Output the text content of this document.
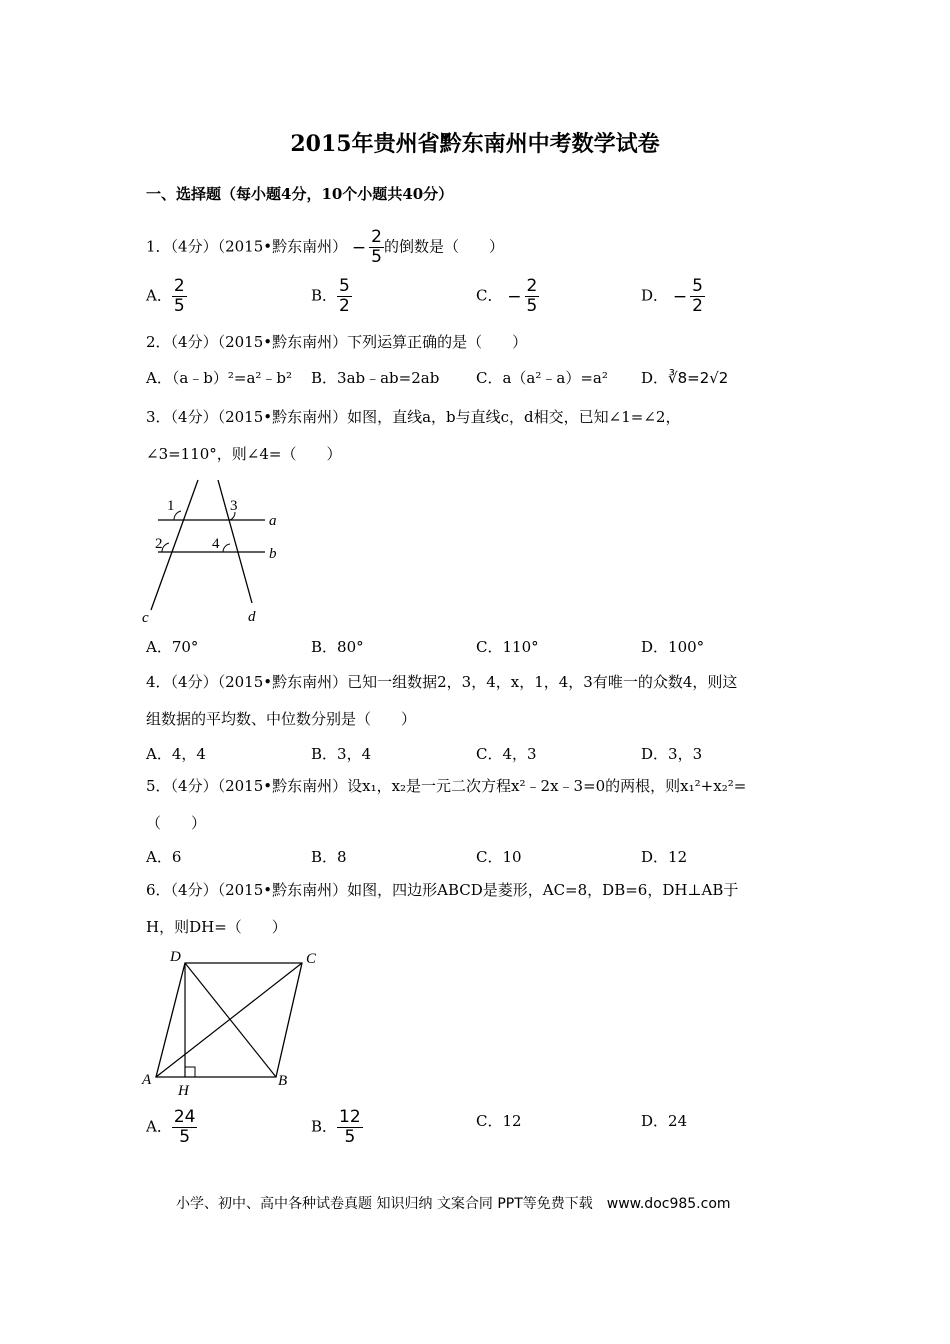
2015年贵州省黔东南州中考数学试卷
一、选择题（每小题4分，10个小题共40分）
1．（4分）（2015•黔东南州） − $\frac{2}{5}$ 的倒数是（　　）
A． $\frac{2}{5}$	B． $\frac{5}{2}$	C． − $\frac{2}{5}$	D． − $\frac{5}{2}$
2．（4分）（2015•黔东南州）下列运算正确的是（　　）
A．（a﹣b）²=a²﹣b² B．3ab﹣ab=2ab C．a（a²﹣a）=a² D．∛8=2√2
3．（4分）（2015•黔东南州）如图，直线a，b与直线c，d相交，已知∠1=∠2，
∠3=110°，则∠4=（　　）
1
2
3
4
a
b
c	d
A．70°	B．80°	C．110°	D．100°
4．（4分）（2015•黔东南州）已知一组数据2，3，4，x，1，4，3有唯一的众数4，则这
组数据的平均数、中位数分别是（　　）
A．4，4	B．3，4	C．4，3	D．3，3
5．（4分）（2015•黔东南州）设x₁，x₂是一元二次方程x²﹣2x﹣3=0的两根，则x₁²+x₂²=
（　　）
A．6	B．8	C．10	D．12
6．（4分）（2015•黔东南州）如图，四边形ABCD是菱形，AC=8，DB=6，DH⊥AB于
H，则DH=（　　）
D	C
A
H
B
A． $\frac{24}{5}$	B． $\frac{12}{5}$	C．12	D．24
小学、初中、高中各种试卷真题 知识归纳 文案合同 PPT等免费下载　www.doc985.com
